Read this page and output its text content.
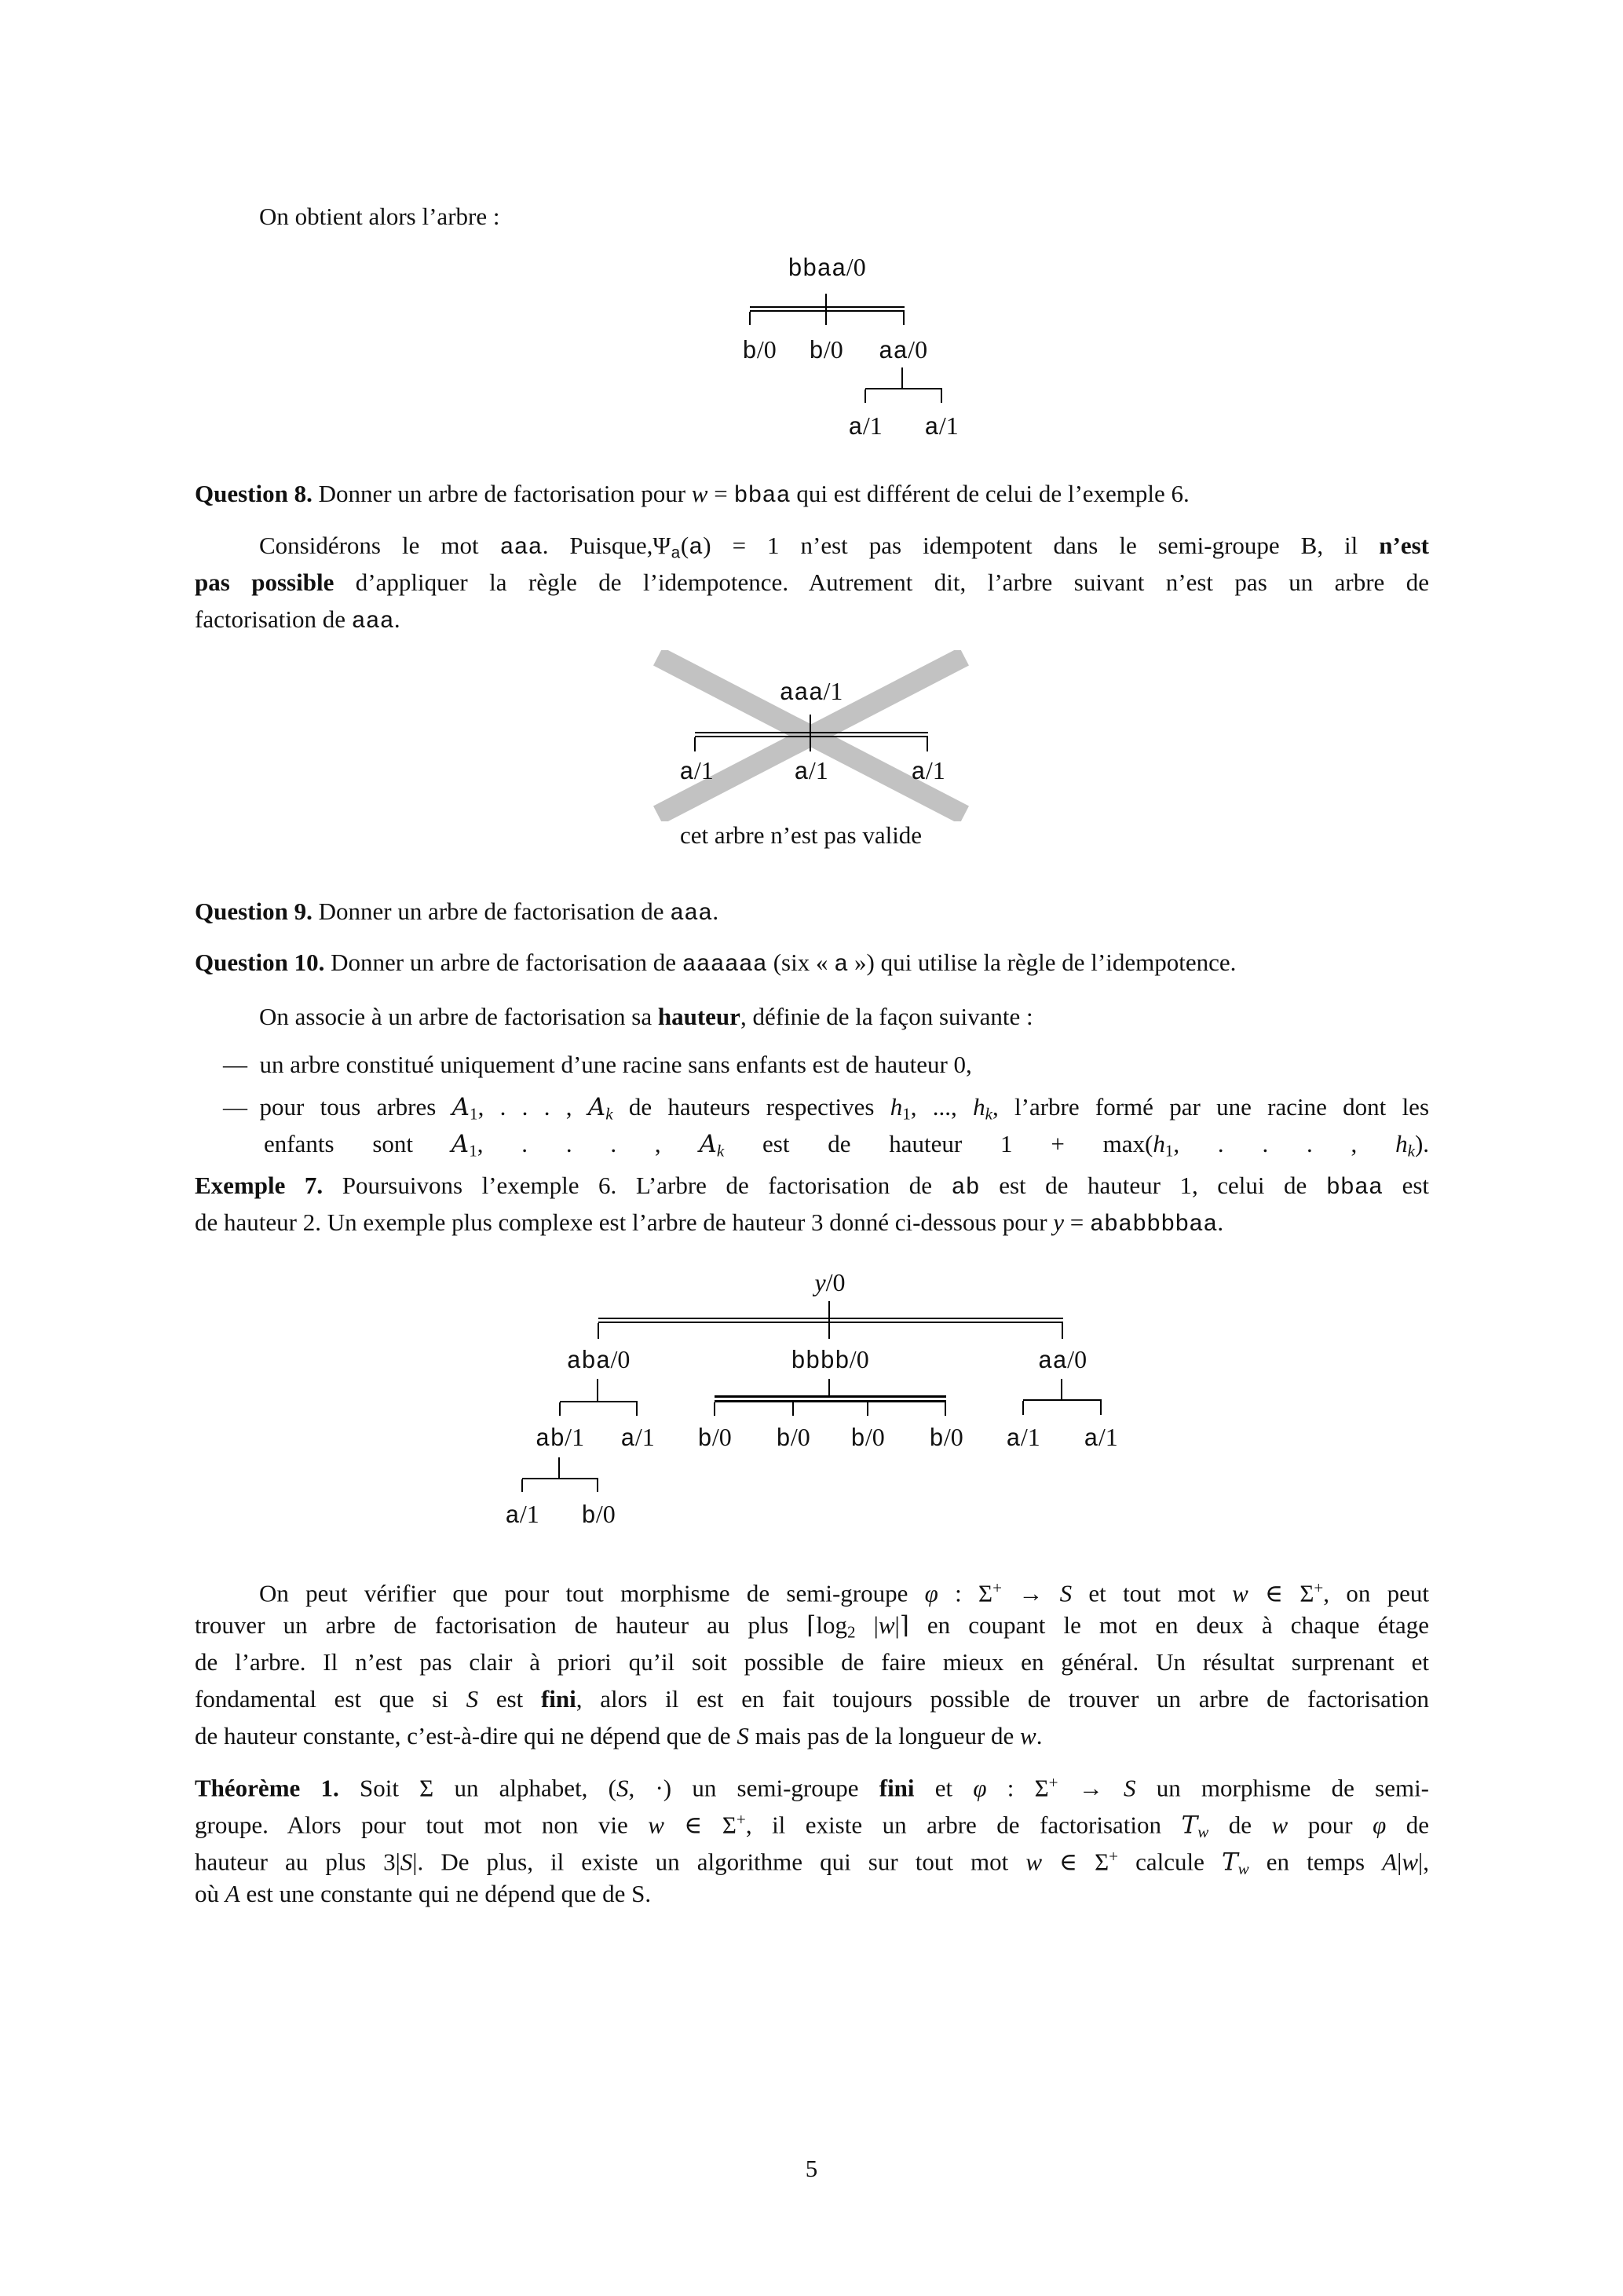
On obtient alors l’arbre :
bbaa/0
b/0 b/0 aa/0
a/1 a/1
Question 8. Donner un arbre de factorisation pour w = bbaa qui est différent de celui de l’exemple 6.
Considérons le mot aaa. Puisque,Ψa(a) = 1 n’est pas idempotent dans le semi-groupe B, il n’est
pas possible d’appliquer la règle de l’idempotence. Autrement dit, l’arbre suivant n’est pas un arbre de
factorisation de aaa.
aaa/1
a/1	a/1	a/1
cet arbre n’est pas valide
Question 9. Donner un arbre de factorisation de aaa.
Question 10. Donner un arbre de factorisation de aaaaaa (six « a ») qui utilise la règle de l’idempotence.
On associe à un arbre de factorisation sa hauteur, définie de la façon suivante :
— un arbre constitué uniquement d’une racine sans enfants est de hauteur 0,
— pour tous arbres A1, . . . , Ak de hauteurs respectives h1, ..., hk, l’arbre formé par une racine dont les
enfants sont A1, . . . , Ak est de hauteur 1 + max(h1, . . . , hk).
Exemple 7. Poursuivons l’exemple 6. L’arbre de factorisation de ab est de hauteur 1, celui de bbaa est
de hauteur 2. Un exemple plus complexe est l’arbre de hauteur 3 donné ci-dessous pour y = ababbbbaa.
y/0
aba/0	bbbb/0	aa/0
ab/1 a/1 b/0 b/0 b/0 b/0 a/1 a/1
a/1 b/0
On peut vérifier que pour tout morphisme de semi-groupe φ : Σ+ → S et tout mot w ∈ Σ+, on peut
trouver un arbre de factorisation de hauteur au plus ⌈log2 |w|⌉ en coupant le mot en deux à chaque étage
de l’arbre. Il n’est pas clair à priori qu’il soit possible de faire mieux en général. Un résultat surprenant et
fondamental est que si S est fini, alors il est en fait toujours possible de trouver un arbre de factorisation
de hauteur constante, c’est-à-dire qui ne dépend que de S mais pas de la longueur de w.
Théorème 1. Soit Σ un alphabet, (S, ·) un semi-groupe fini et φ : Σ+ → S un morphisme de semi-
groupe. Alors pour tout mot non vie w ∈ Σ+, il existe un arbre de factorisation Tw de w pour φ de
hauteur au plus 3|S|. De plus, il existe un algorithme qui sur tout mot w ∈ Σ+ calcule Tw en temps A|w|,
où A est une constante qui ne dépend que de S.
5
